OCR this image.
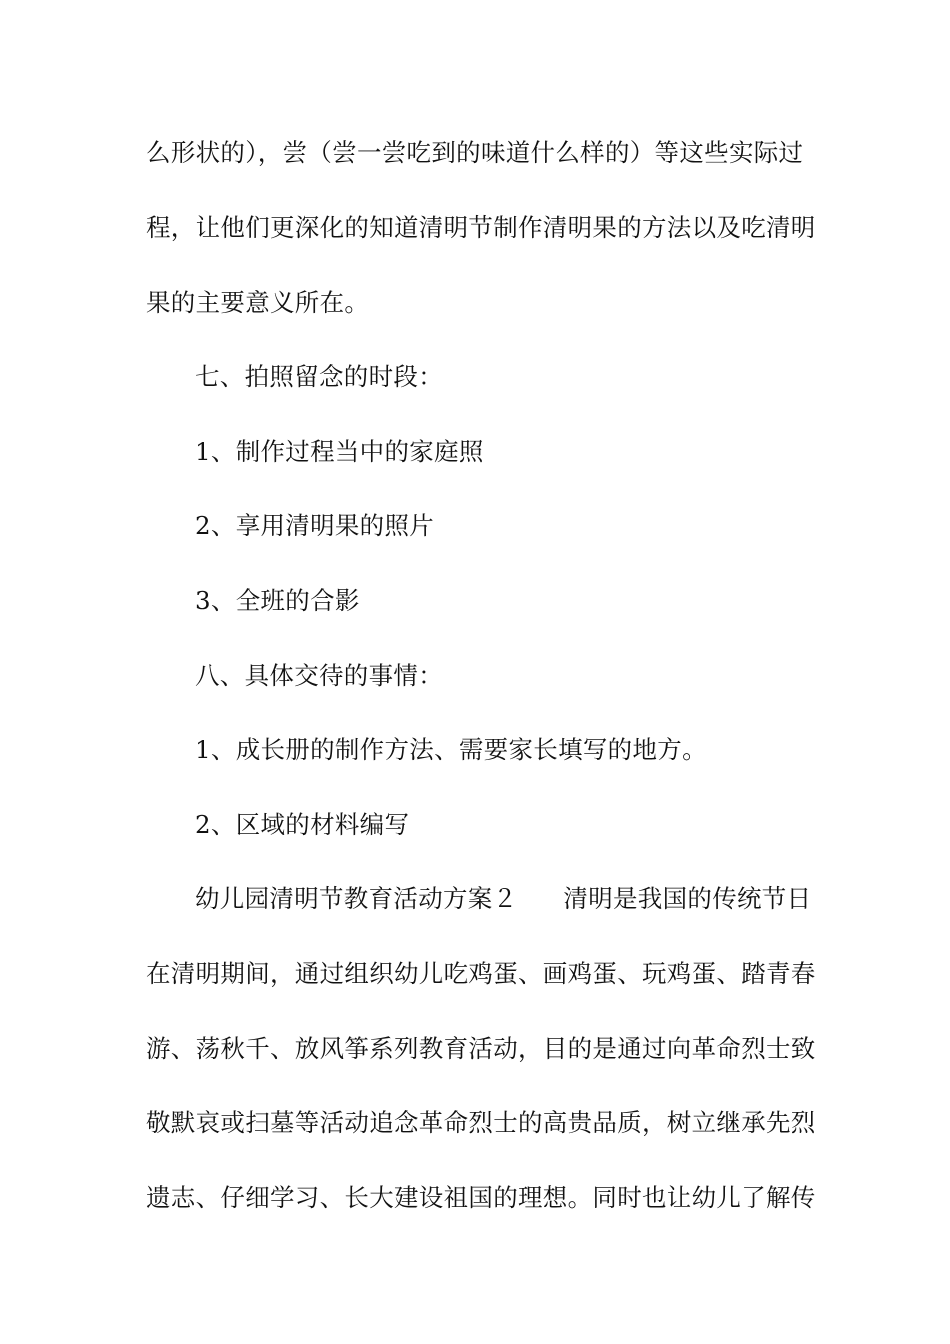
么形状的），尝（尝一尝吃到的味道什么样的）等这些实际过
程，让他们更深化的知道清明节制作清明果的方法以及吃清明
果的主要意义所在。
七、拍照留念的时段：
1、制作过程当中的家庭照
2、享用清明果的照片
3、全班的合影
八、具体交待的事情：
1、成长册的制作方法、需要家长填写的地方。
2、区域的材料编写
幼儿园清明节教育活动方案２ 清明是我国的传统节日
在清明期间，通过组织幼儿吃鸡蛋、画鸡蛋、玩鸡蛋、踏青春
游、荡秋千、放风筝系列教育活动，目的是通过向革命烈士致
敬默哀或扫墓等活动追念革命烈士的高贵品质，树立继承先烈
遗志、仔细学习、长大建设祖国的理想。同时也让幼儿了解传
